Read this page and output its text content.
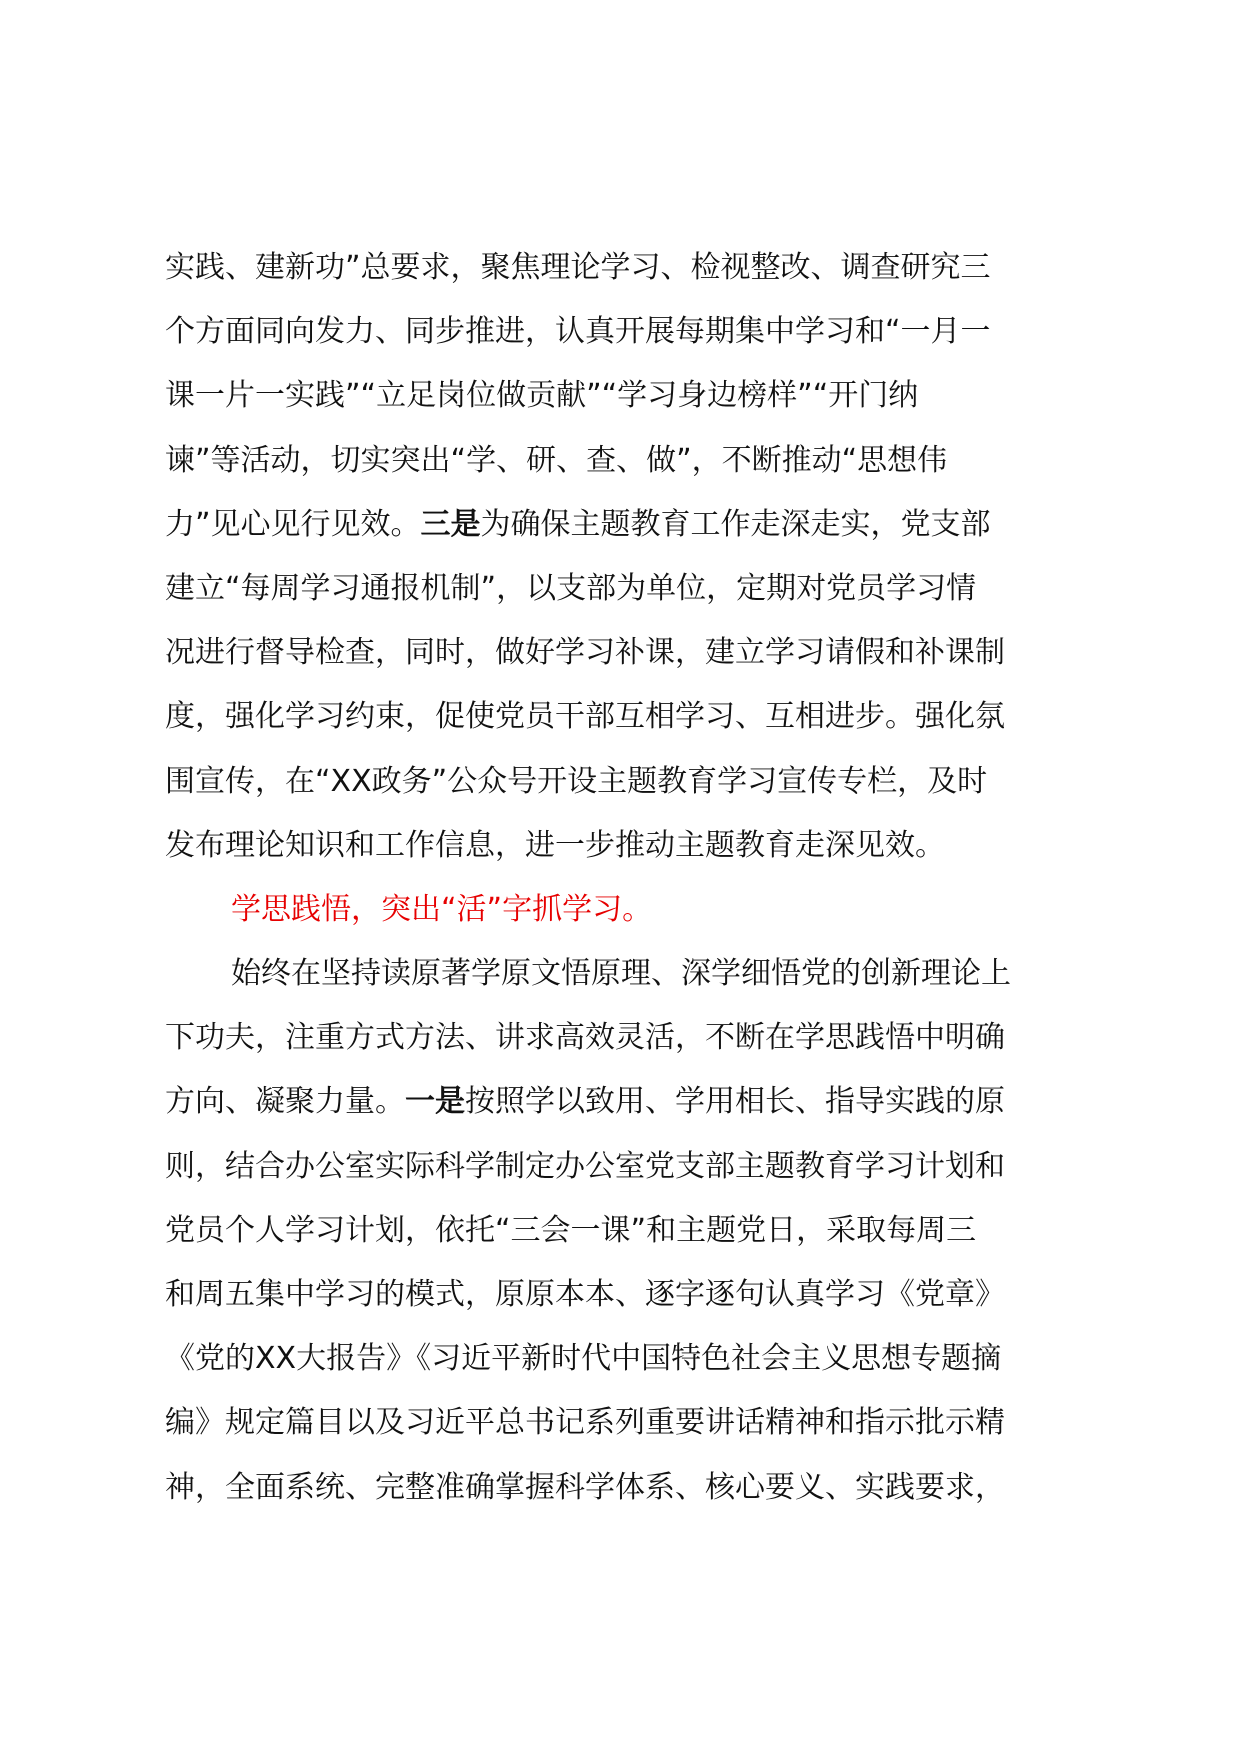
实践、建新功”总要求，聚焦理论学习、检视整改、调查研究三
个方面同向发力、同步推进，认真开展每期集中学习和“一月一
课一片一实践”“立足岗位做贡献”“学习身边榜样”“开门纳
谏”等活动，切实突出“学、研、查、做”，不断推动“思想伟
力”见心见行见效。三是为确保主题教育工作走深走实，党支部
建立“每周学习通报机制”，以支部为单位，定期对党员学习情
况进行督导检查，同时，做好学习补课，建立学习请假和补课制
度，强化学习约束，促使党员干部互相学习、互相进步。强化氛
围宣传，在“XX政务”公众号开设主题教育学习宣传专栏，及时
发布理论知识和工作信息，进一步推动主题教育走深见效。
学思践悟，突出“活”字抓学习。
始终在坚持读原著学原文悟原理、深学细悟党的创新理论上
下功夫，注重方式方法、讲求高效灵活，不断在学思践悟中明确
方向、凝聚力量。一是按照学以致用、学用相长、指导实践的原
则，结合办公室实际科学制定办公室党支部主题教育学习计划和
党员个人学习计划，依托“三会一课”和主题党日，采取每周三
和周五集中学习的模式，原原本本、逐字逐句认真学习《党章》
《党的XX大报告》《习近平新时代中国特色社会主义思想专题摘
编》规定篇目以及习近平总书记系列重要讲话精神和指示批示精
神，全面系统、完整准确掌握科学体系、核心要义、实践要求，
